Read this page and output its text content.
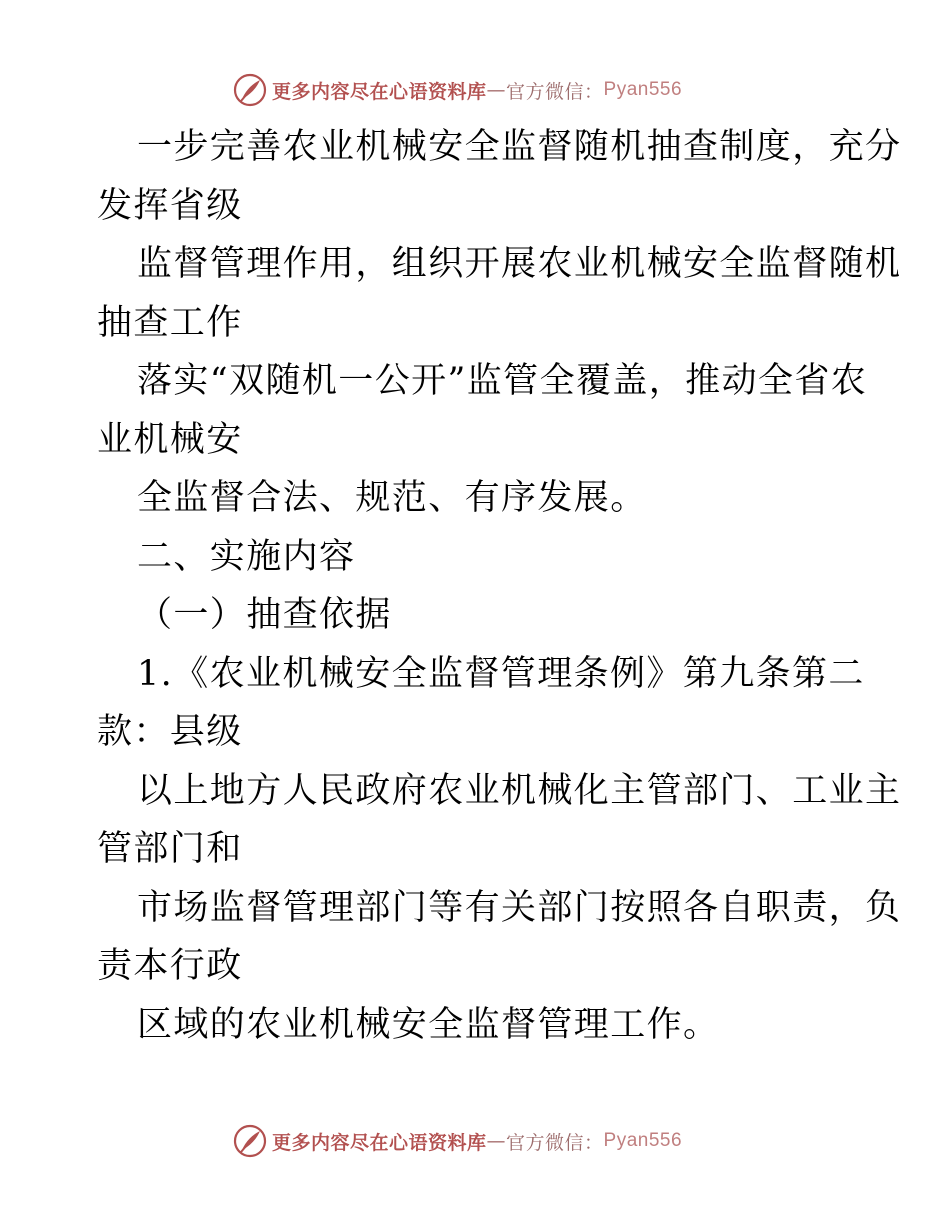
更多内容尽在心语资料库 — 官方微信： Pyan556
一步完善农业机械安全监督随机抽查制度，充分
发挥省级
监督管理作用，组织开展农业机械安全监督随机
抽查工作
落实“双随机一公开”监管全覆盖，推动全省农
业机械安
全监督合法、规范、有序发展。
二、实施内容
（一）抽查依据
1.《农业机械安全监督管理条例》第九条第二
款：县级
以上地方人民政府农业机械化主管部门、工业主
管部门和
市场监督管理部门等有关部门按照各自职责，负
责本行政
区域的农业机械安全监督管理工作。
更多内容尽在心语资料库 — 官方微信： Pyan556
